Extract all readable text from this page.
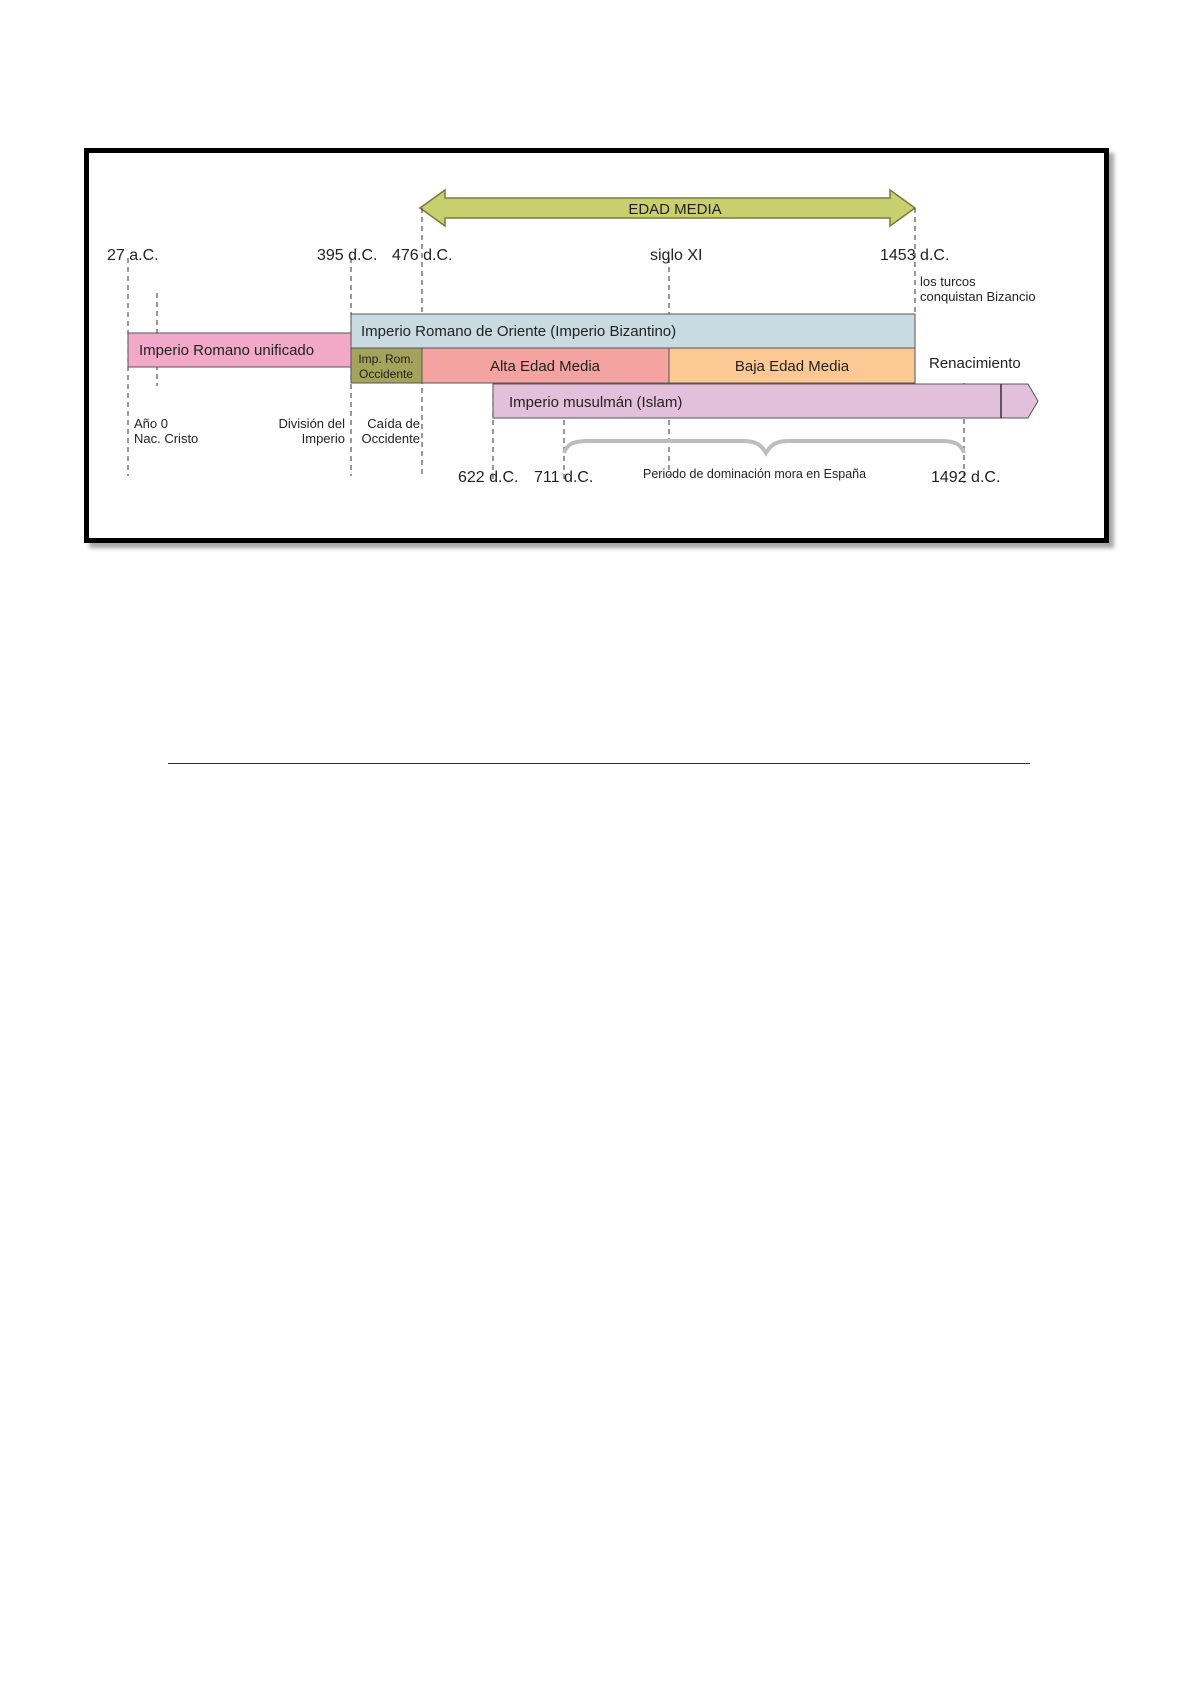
EDAD MEDIA
27 a.C.	395 d.C. 476 d.C.	siglo XI	1453 d.C.
los turcos
conquistan Bizancio
Imperio Romano unificado
Imperio Romano de Oriente (Imperio Bizantino)
Imp. Rom.
Occidente	Alta Edad Media	Baja Edad Media	Renacimiento
Imperio musulmán (Islam)
Año 0
Nac. Cristo
División del
Imperio
Caída de
Occidente
622 d.C. 711 d.C.	Periodo de dominación mora en España	1492 d.C.
